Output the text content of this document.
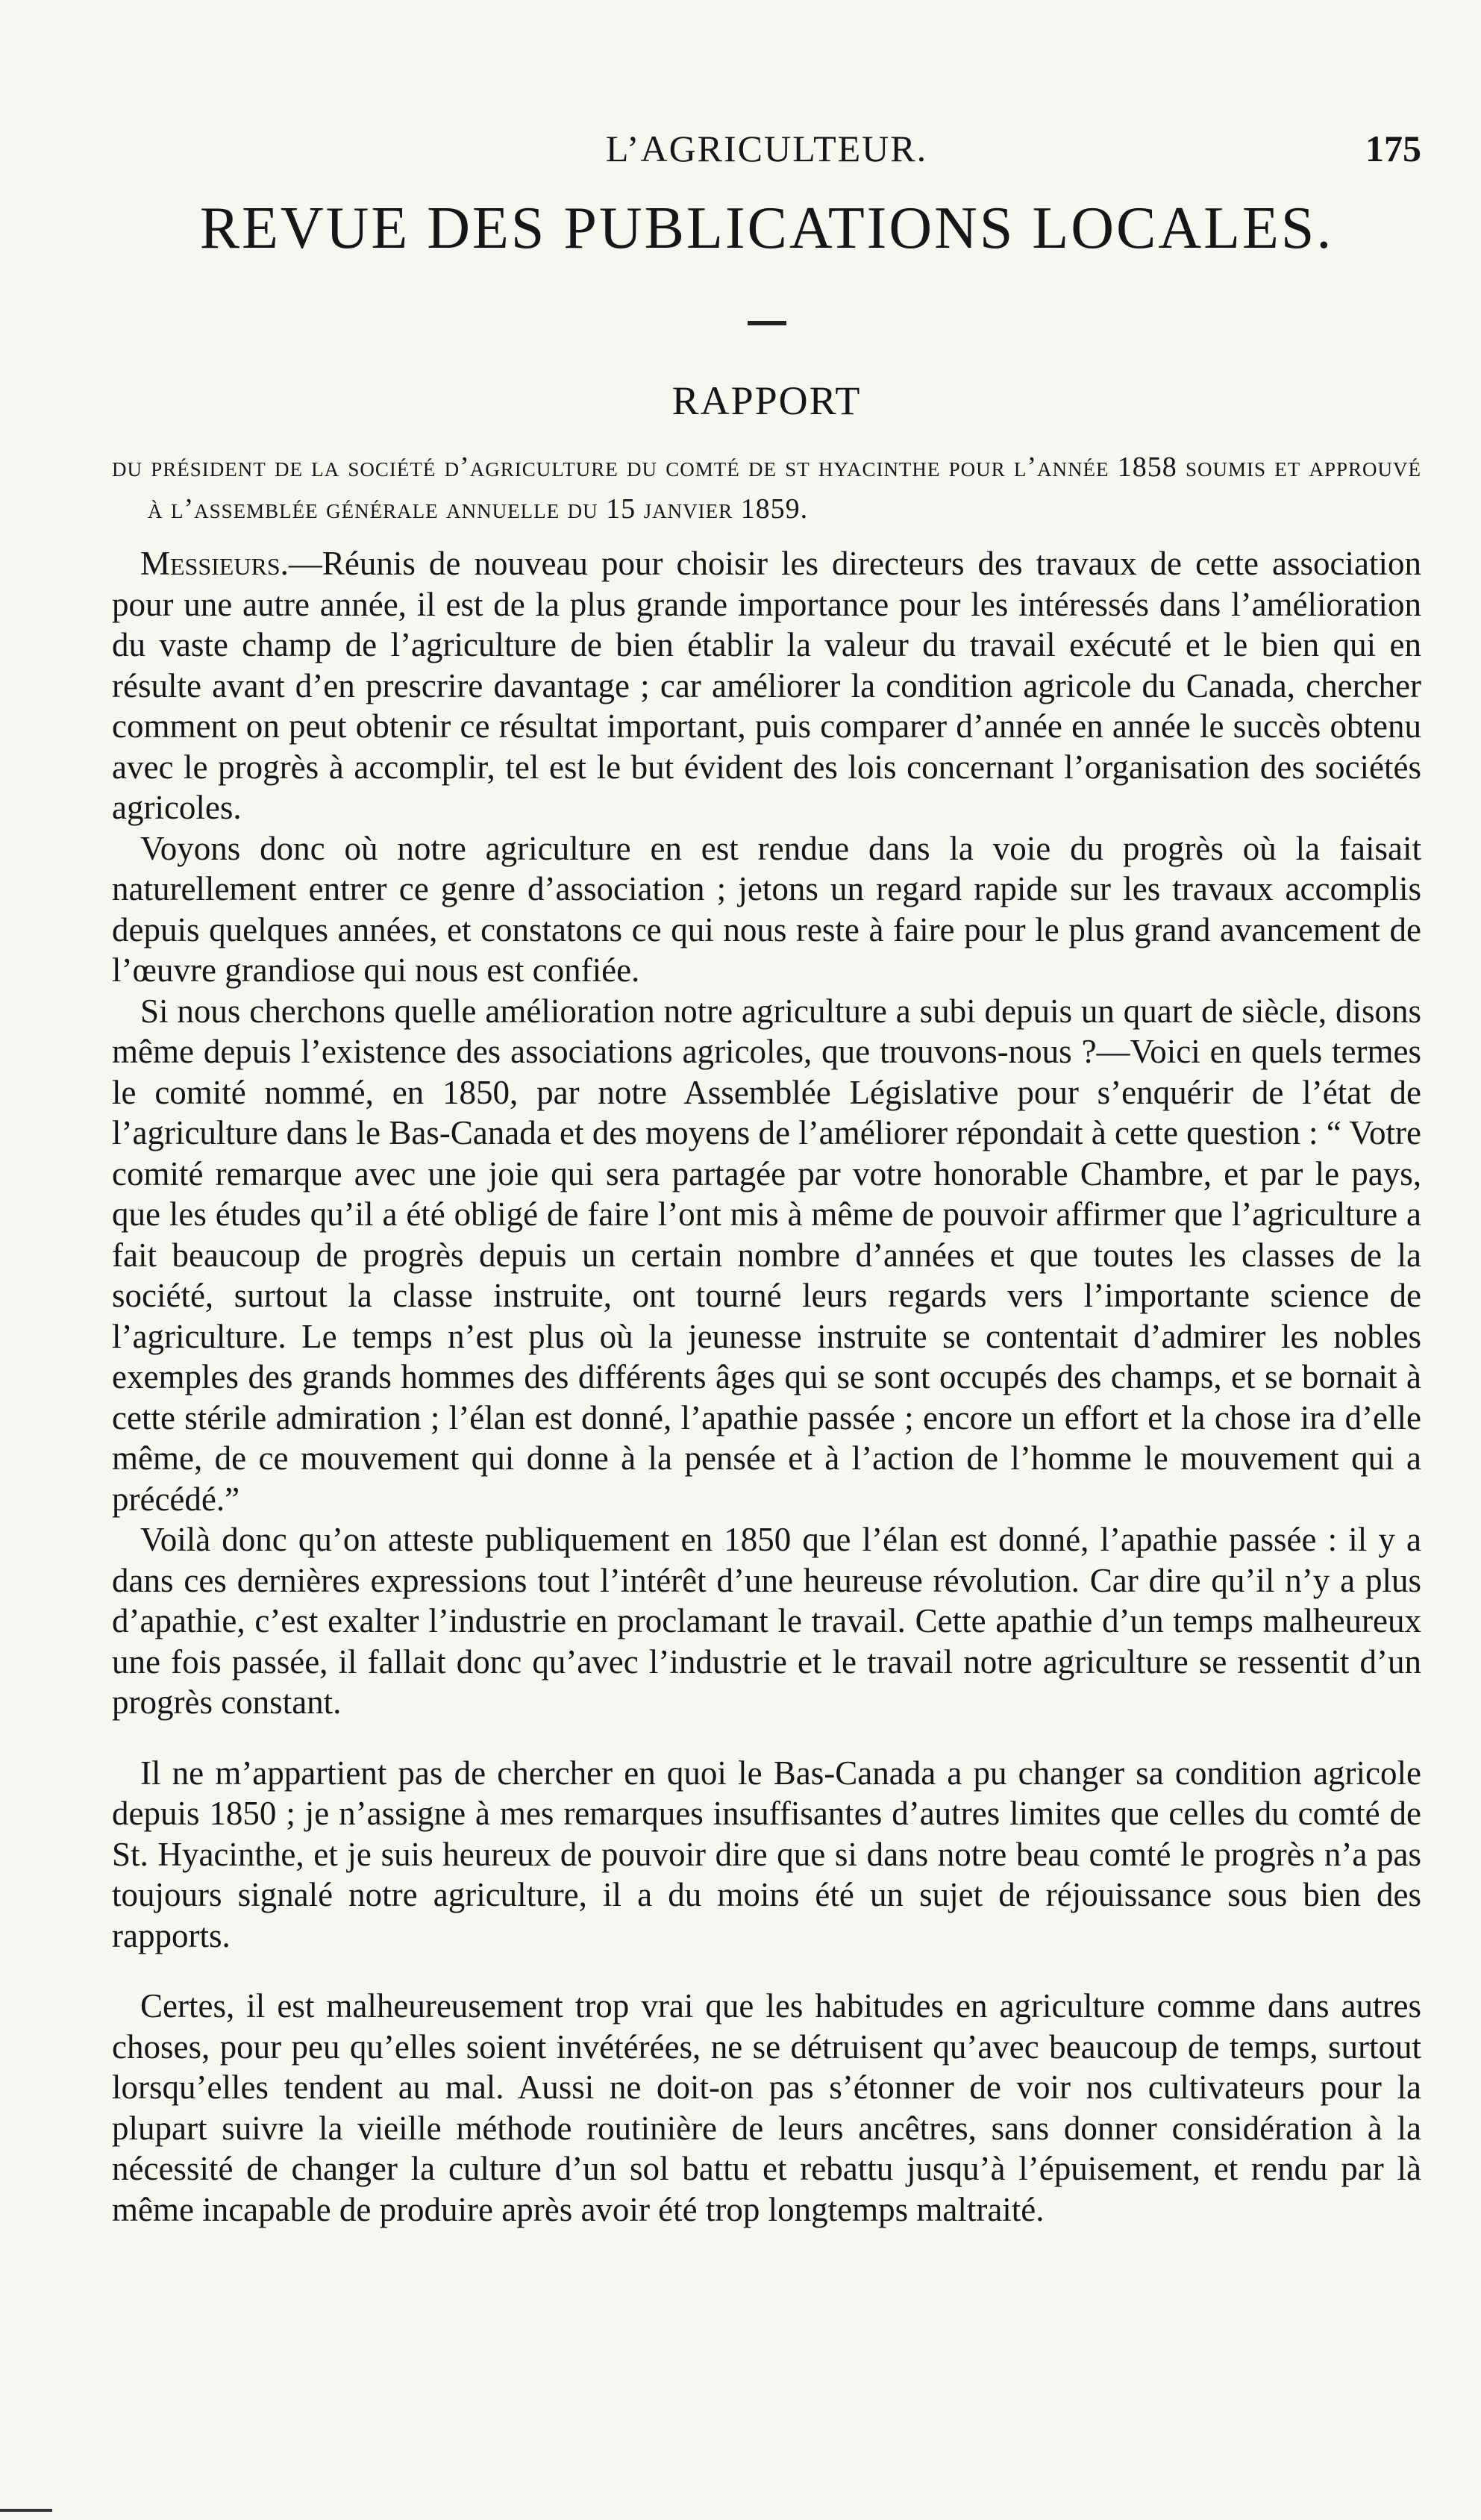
L’AGRICULTEUR.	175
REVUE DES PUBLICATIONS LOCALES.
RAPPORT
du président de la société d’agriculture du comté de st hyacinthe pour l’année 1858 soumis et approuvé à l’assemblée générale annuelle du 15 janvier 1859.

Messieurs.—Réunis de nouveau pour choisir les directeurs des travaux de cette association pour une autre année, il est de la plus grande importance pour les intéressés dans l’amélioration du vaste champ de l’agriculture de bien établir la valeur du travail exécuté et le bien qui en résulte avant d’en prescrire davantage ; car améliorer la condition agricole du Canada, chercher comment on peut obtenir ce résultat important, puis comparer d’année en année le succès obtenu avec le progrès à accomplir, tel est le but évident des lois concernant l’organisation des sociétés agricoles.

Voyons donc où notre agriculture en est rendue dans la voie du progrès où la faisait naturellement entrer ce genre d’association ; jetons un regard rapide sur les travaux accomplis depuis quelques années, et constatons ce qui nous reste à faire pour le plus grand avancement de l’œuvre grandiose qui nous est confiée.

Si nous cherchons quelle amélioration notre agriculture a subi depuis un quart de siècle, disons même depuis l’existence des associations agricoles, que trouvons-nous ?—Voici en quels termes le comité nommé, en 1850, par notre Assemblée Législative pour s’enquérir de l’état de l’agriculture dans le Bas-Canada et des moyens de l’améliorer répondait à cette question : “ Votre comité remarque avec une joie qui sera partagée par votre honorable Chambre, et par le pays, que les études qu’il a été obligé de faire l’ont mis à même de pouvoir affirmer que l’agriculture a fait beaucoup de progrès depuis un certain nombre d’années et que toutes les classes de la société, surtout la classe instruite, ont tourné leurs regards vers l’importante science de l’agriculture. Le temps n’est plus où la jeunesse instruite se contentait d’admirer les nobles exemples des grands hommes des différents âges qui se sont occupés des champs, et se bornait à cette stérile admiration ; l’élan est donné, l’apathie passée ; encore un effort et la chose ira d’elle même, de ce mouvement qui donne à la pensée et à l’action de l’homme le mouvement qui a précédé.”

Voilà donc qu’on atteste publiquement en 1850 que l’élan est donné, l’apathie passée : il y a dans ces dernières expressions tout l’intérêt d’une heureuse révolution. Car dire qu’il n’y a plus d’apathie, c’est exalter l’industrie en proclamant le travail. Cette apathie d’un temps malheureux une fois passée, il fallait donc qu’avec l’industrie et le travail notre agriculture se ressentit d’un progrès constant.

Il ne m’appartient pas de chercher en quoi le Bas-Canada a pu changer sa condition agricole depuis 1850 ; je n’assigne à mes remarques insuffisantes d’autres limites que celles du comté de St. Hyacinthe, et je suis heureux de pouvoir dire que si dans notre beau comté le progrès n’a pas toujours signalé notre agriculture, il a du moins été un sujet de réjouissance sous bien des rapports.

Certes, il est malheureusement trop vrai que les habitudes en agriculture comme dans autres choses, pour peu qu’elles soient invétérées, ne se détruisent qu’avec beaucoup de temps, surtout lorsqu’elles tendent au mal. Aussi ne doit-on pas s’étonner de voir nos cultivateurs pour la plupart suivre la vieille méthode routinière de leurs ancêtres, sans donner considération à la nécessité de changer la culture d’un sol battu et rebattu jusqu’à l’épuisement, et rendu par là même incapable de produire après avoir été trop longtemps maltraité.
